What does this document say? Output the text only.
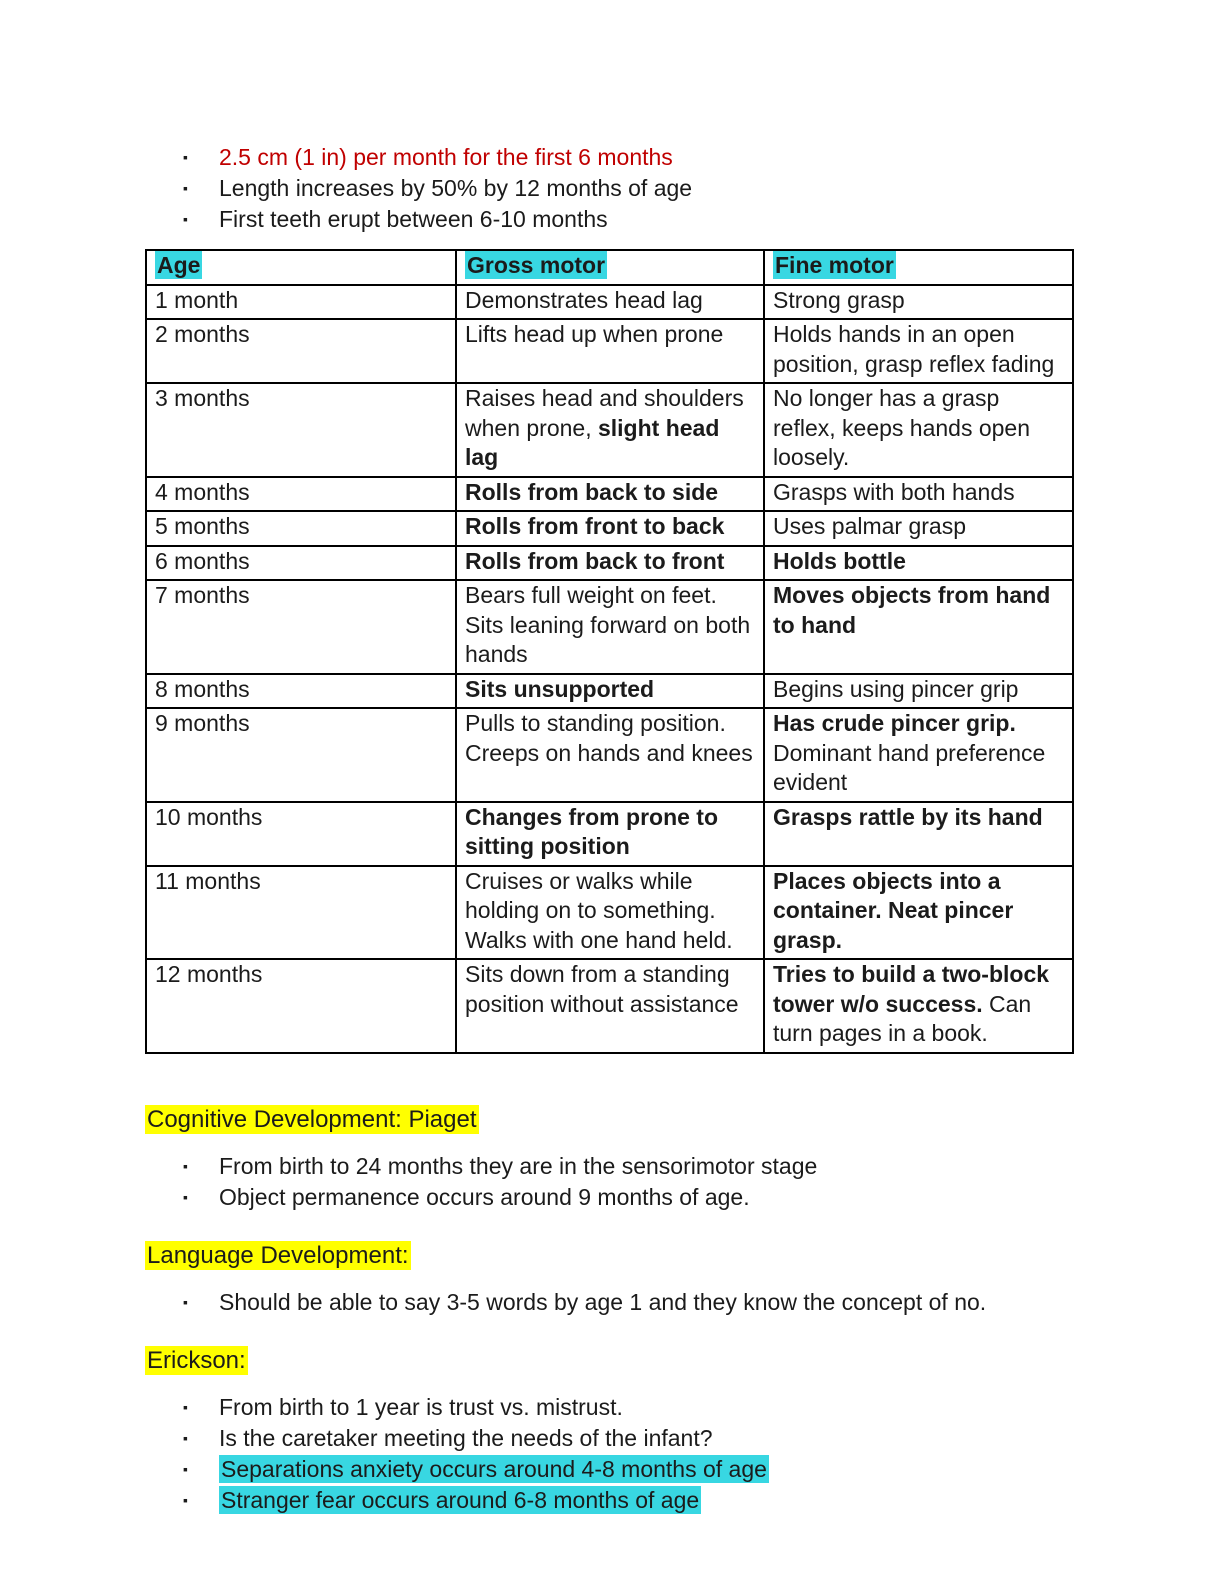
▪	2.5 cm (1 in) per month for the first 6 months
▪	Length increases by 50% by 12 months of age
▪	First teeth erupt between 6-10 months
Age	Gross motor	Fine motor
1 month	Demonstrates head lag	Strong grasp
2 months	Lifts head up when prone	Holds hands in an open position, grasp reflex fading
3 months	Raises head and shoulders when prone, slight head lag	No longer has a grasp reflex, keeps hands open loosely.
4 months	Rolls from back to side	Grasps with both hands
5 months	Rolls from front to back	Uses palmar grasp
6 months	Rolls from back to front	Holds bottle
7 months	Bears full weight on feet. Sits leaning forward on both hands	Moves objects from hand to hand
8 months	Sits unsupported	Begins using pincer grip
9 months	Pulls to standing position. Creeps on hands and knees	Has crude pincer grip. Dominant hand preference evident
10 months	Changes from prone to sitting position	Grasps rattle by its hand
11 months	Cruises or walks while holding on to something. Walks with one hand held.	Places objects into a container. Neat pincer grasp.
12 months	Sits down from a standing position without assistance	Tries to build a two-block tower w/o success. Can turn pages in a book.
Cognitive Development: Piaget
▪	From birth to 24 months they are in the sensorimotor stage
▪	Object permanence occurs around 9 months of age.
Language Development:
▪	Should be able to say 3-5 words by age 1 and they know the concept of no.
Erickson:
▪	From birth to 1 year is trust vs. mistrust.
▪	Is the caretaker meeting the needs of the infant?
▪	Separations anxiety occurs around 4-8 months of age
▪	Stranger fear occurs around 6-8 months of age
